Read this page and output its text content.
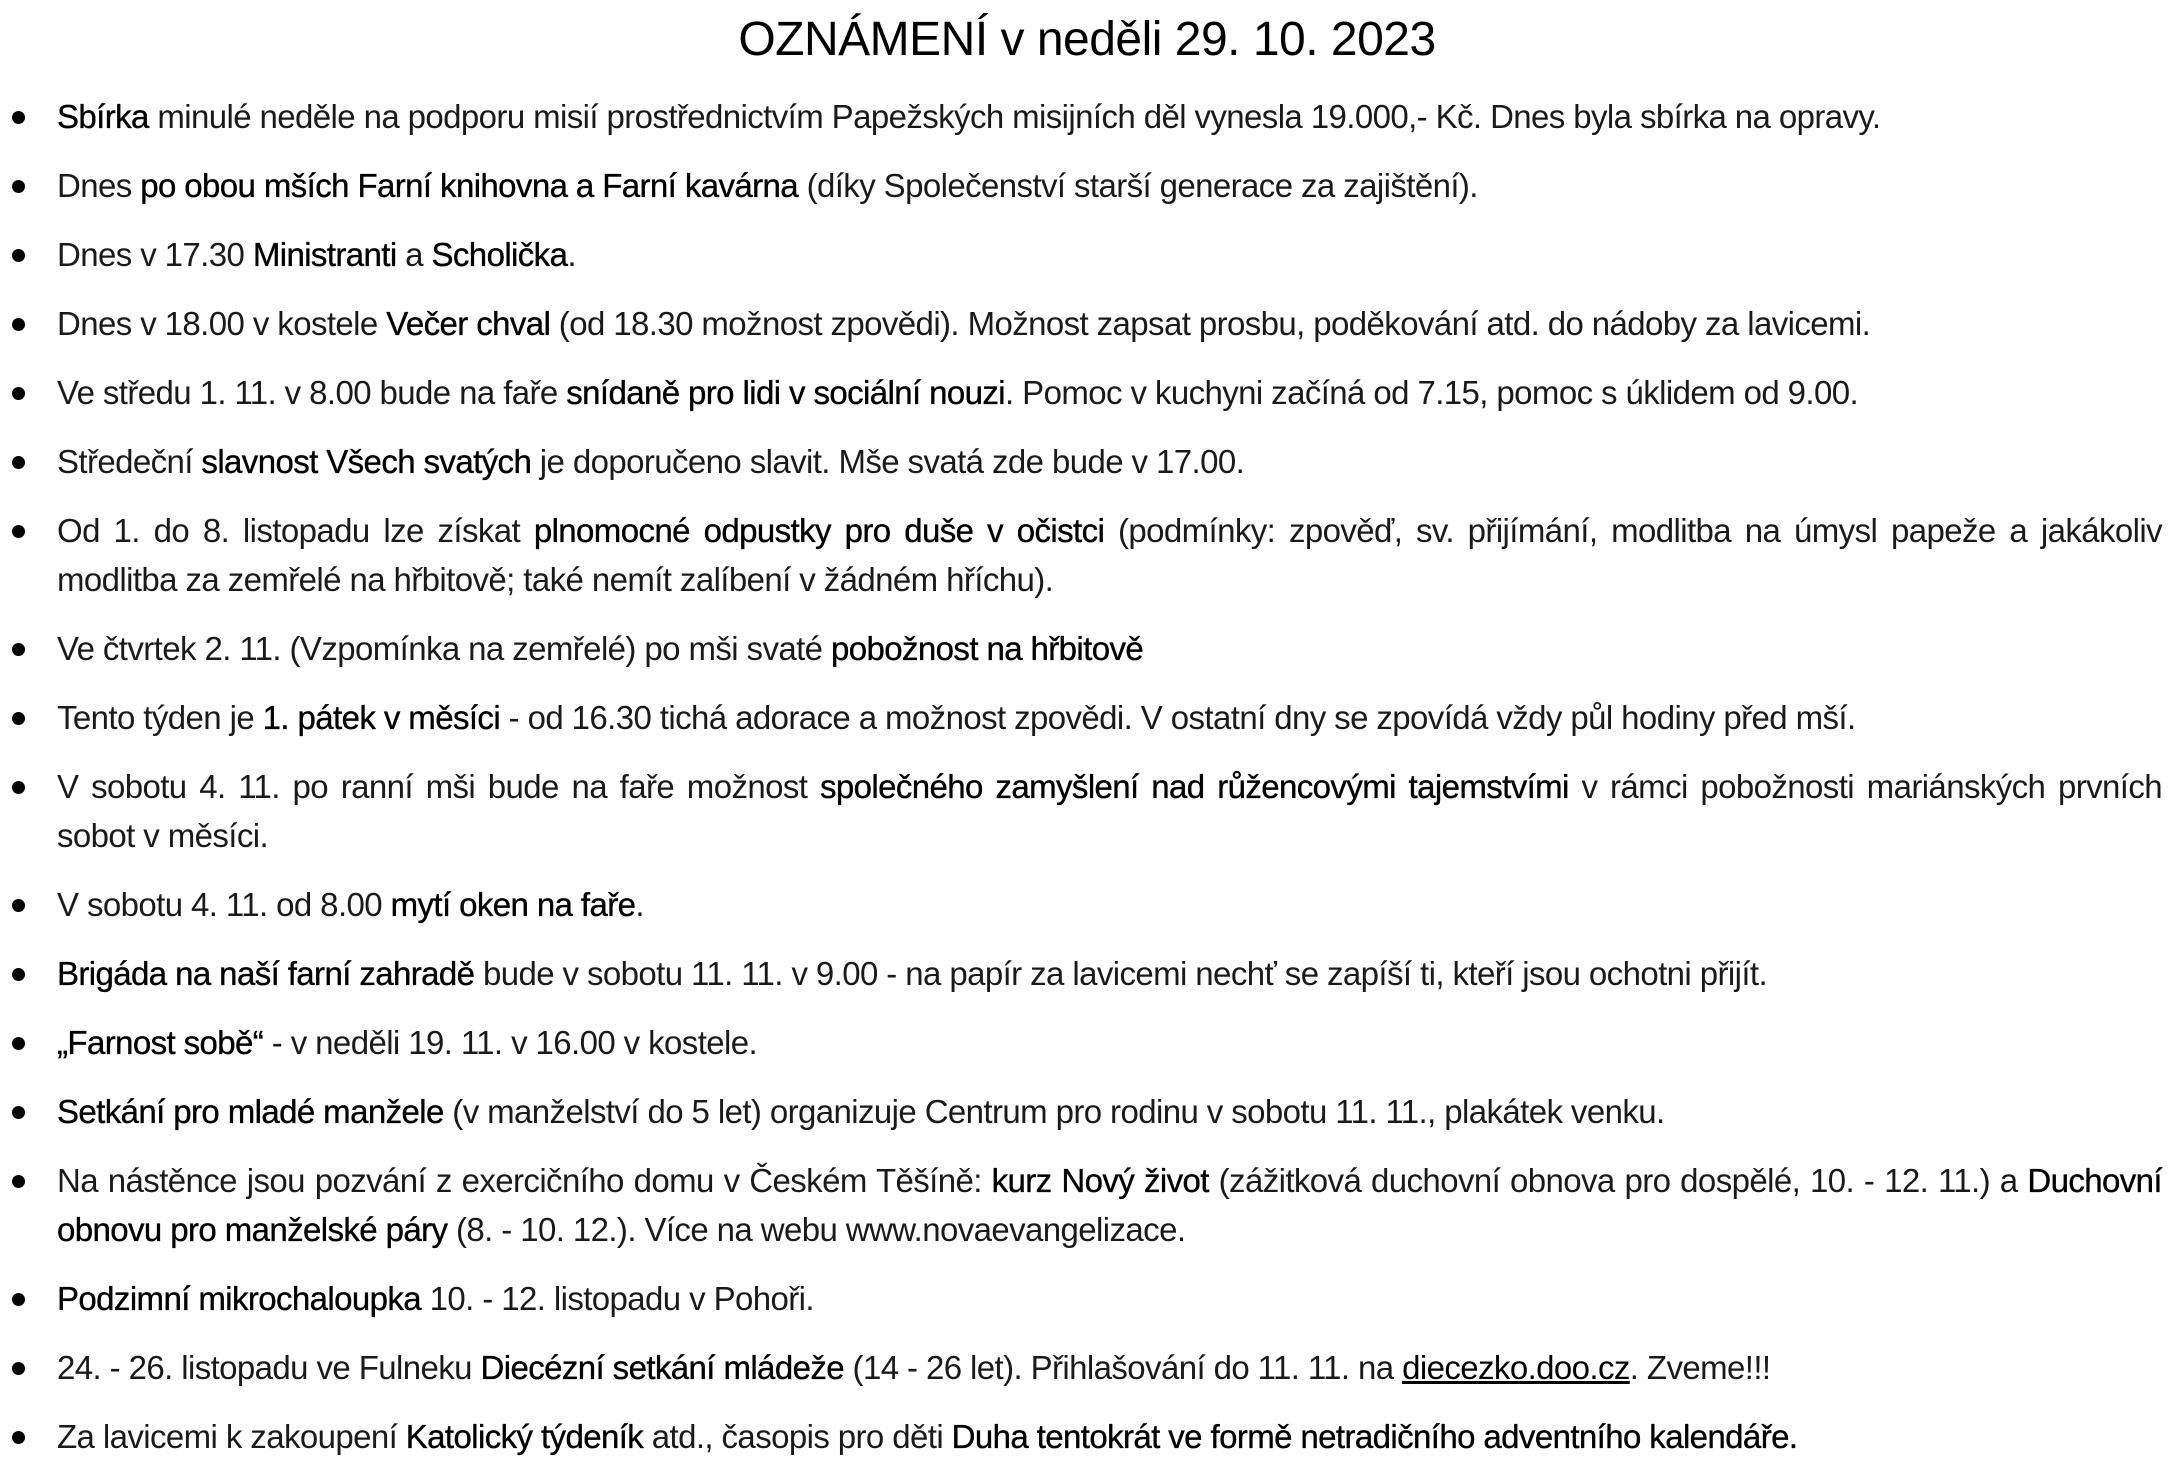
OZNÁMENÍ v neděli 29. 10. 2023
Sbírka minulé neděle na podporu misií prostřednictvím Papežských misijních děl vynesla 19.000,- Kč. Dnes byla sbírka na opravy.
Dnes po obou mších Farní knihovna a Farní kavárna (díky Společenství starší generace za zajištění).
Dnes v 17.30 Ministranti a Scholička.
Dnes v 18.00 v kostele Večer chval (od 18.30 možnost zpovědi). Možnost zapsat prosbu, poděkování atd. do nádoby za lavicemi.
Ve středu 1. 11. v 8.00 bude na faře snídaně pro lidi v sociální nouzi. Pomoc v kuchyni začíná od 7.15, pomoc s úklidem od 9.00.
Středeční slavnost Všech svatých je doporučeno slavit. Mše svatá zde bude v 17.00.
Od 1. do 8. listopadu lze získat plnomocné odpustky pro duše v očistci (podmínky: zpověď, sv. přijímání, modlitba na úmysl papeže a jakákoliv modlitba za zemřelé na hřbitově; také nemít zalíbení v žádném hříchu).
Ve čtvrtek 2. 11. (Vzpomínka na zemřelé) po mši svaté pobožnost na hřbitově
Tento týden je 1. pátek v měsíci - od 16.30 tichá adorace a možnost zpovědi. V ostatní dny se zpovídá vždy půl hodiny před mší.
V sobotu 4. 11. po ranní mši bude na faře možnost společného zamyšlení nad růžencovými tajemstvími v rámci pobožnosti mariánských prvních sobot v měsíci.
V sobotu 4. 11. od 8.00 mytí oken na faře.
Brigáda na naší farní zahradě bude v sobotu 11. 11. v 9.00 - na papír za lavicemi nechť se zapíší ti, kteří jsou ochotni přijít.
„Farnost sobě“ - v neděli 19. 11. v 16.00 v kostele.
Setkání pro mladé manžele (v manželství do 5 let) organizuje Centrum pro rodinu v sobotu 11. 11., plakátek venku.
Na nástěnce jsou pozvání z exercičního domu v Českém Těšíně: kurz Nový život (zážitková duchovní obnova pro dospělé, 10. - 12. 11.) a Duchovní obnovu pro manželské páry (8. - 10. 12.). Více na webu www.novaevangelizace.
Podzimní mikrochaloupka 10. - 12. listopadu v Pohoři.
24. - 26. listopadu ve Fulneku Diecézní setkání mládeže (14 - 26 let). Přihlašování do 11. 11. na diecezko.doo.cz. Zveme!!!
Za lavicemi k zakoupení Katolický týdeník atd., časopis pro děti Duha tentokrát ve formě netradičního adventního kalendáře.
